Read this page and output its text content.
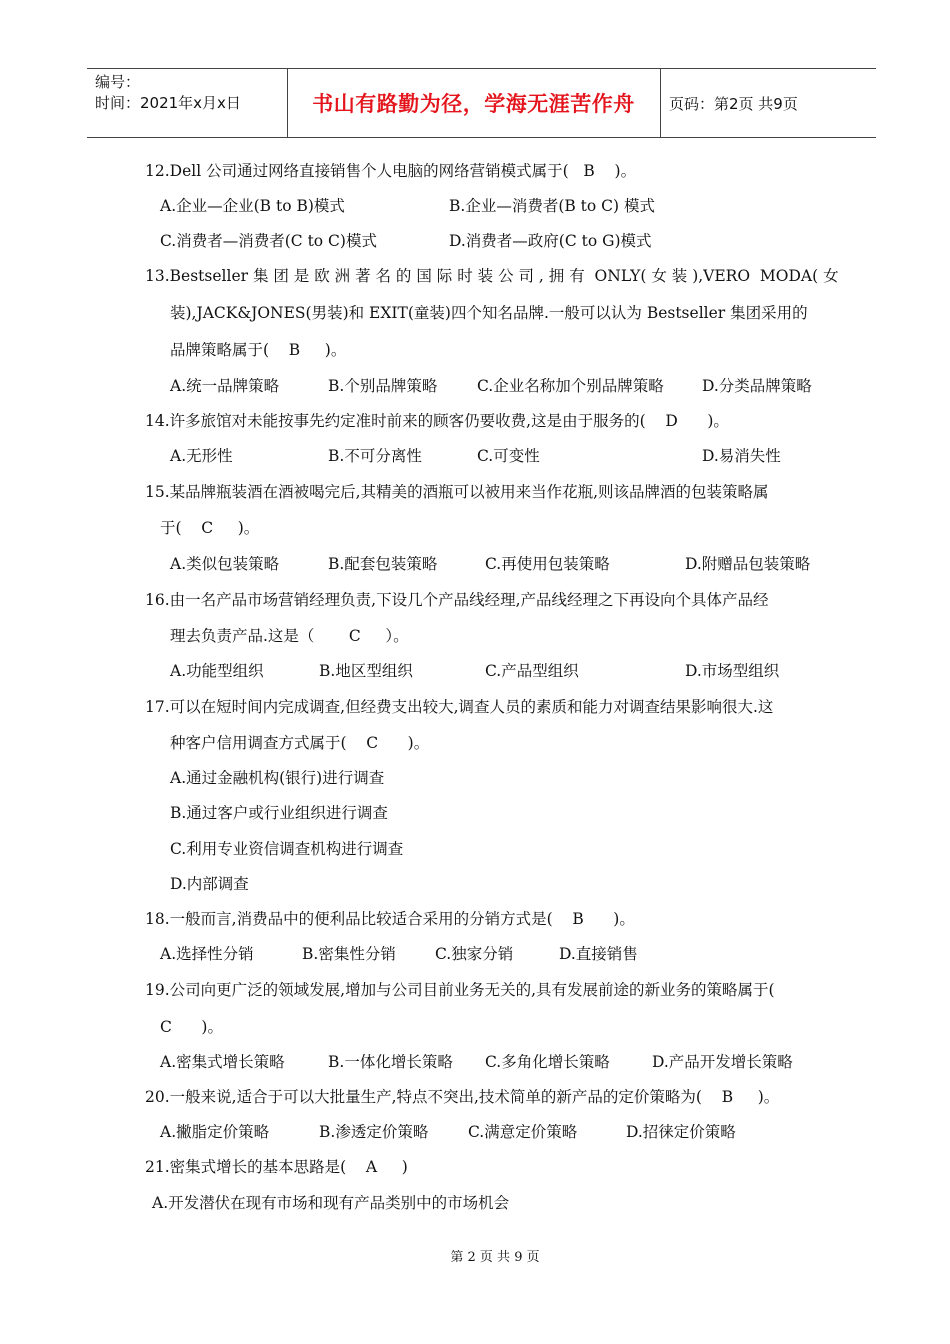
编号：
时间：2021年x月x日	书山有路勤为径，学海无涯苦作舟	页码：第2页 共9页
12.Dell 公司通过网络直接销售个人电脑的网络营销模式属于(   B    )。
A.企业—企业(B to B)模式	B.企业—消费者(B to C) 模式
C.消费者—消费者(C to C)模式	D.消费者—政府(C to G)模式
13.Bestseller 集 团 是 欧 洲 著 名 的 国 际 时 装 公 司 , 拥 有  ONLY( 女 装 ),VERO  MODA( 女
装),JACK&JONES(男装)和 EXIT(童装)四个知名品牌.一般可以认为 Bestseller 集团采用的
品牌策略属于(    B     )。
A.统一品牌策略	B.个别品牌策略	C.企业名称加个别品牌策略 D.分类品牌策略
14.许多旅馆对未能按事先约定准时前来的顾客仍要收费,这是由于服务的(    D      )。
A.无形性	B.不可分离性	C.可变性	D.易消失性
15.某品牌瓶装酒在酒被喝完后,其精美的酒瓶可以被用来当作花瓶,则该品牌酒的包装策略属
于(    C     )。
A.类似包装策略	B.配套包装策略	C.再使用包装策略	D.附赠品包装策略
16.由一名产品市场营销经理负责,下设几个产品线经理,产品线经理之下再设向个具体产品经
理去负责产品.这是（       C     ）。
A.功能型组织	B.地区型组织	C.产品型组织	D.市场型组织
17.可以在短时间内完成调查,但经费支出较大,调查人员的素质和能力对调查结果影响很大.这
种客户信用调查方式属于(    C      )。
A.通过金融机构(银行)进行调查
B.通过客户或行业组织进行调查
C.利用专业资信调查机构进行调查
D.内部调查
18.一般而言,消费品中的便利品比较适合采用的分销方式是(    B      )。
A.选择性分销	B.密集性分销	C.独家分销	D.直接销售
19.公司向更广泛的领域发展,增加与公司目前业务无关的,具有发展前途的新业务的策略属于(
C      )。
A.密集式增长策略	B.一体化增长策略 C.多角化增长策略	D.产品开发增长策略
20.一般来说,适合于可以大批量生产,特点不突出,技术简单的新产品的定价策略为(    B     )。
A.撇脂定价策略	B.渗透定价策略	C.满意定价策略	D.招徕定价策略
21.密集式增长的基本思路是(    A     )
A.开发潜伏在现有市场和现有产品类别中的市场机会
第 2 页 共 9 页
